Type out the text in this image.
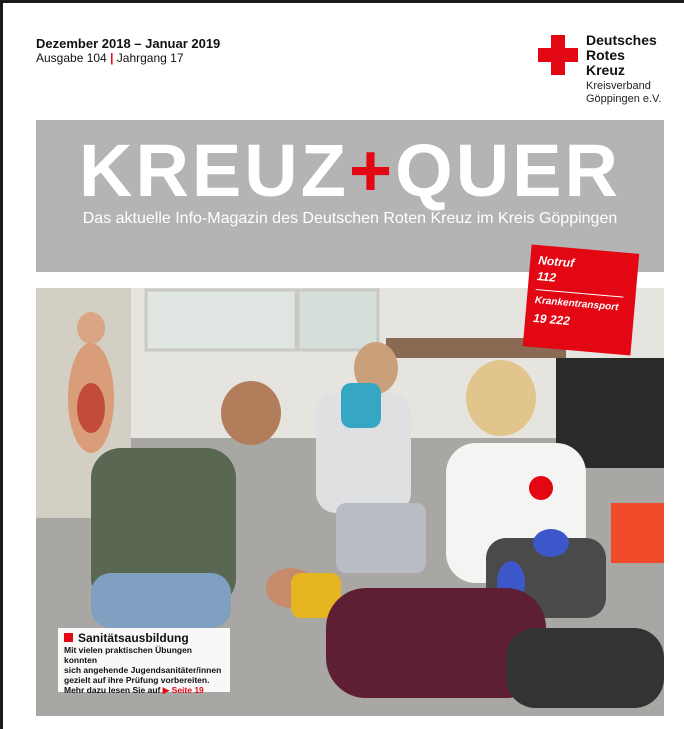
Dezember 2018 – Januar 2019
Ausgabe 104 | Jahrgang 17
Deutsches
Rotes
Kreuz
Kreisverband
Göppingen e.V.
KREUZ+QUER
Das aktuelle Info-Magazin des Deutschen Roten Kreuz im Kreis Göppingen
Notruf
112
Krankentransport
19 222
Sanitätsausbildung
Mit vielen praktischen Übungen konnten
sich angehende Jugendsanitäter/innen
gezielt auf ihre Prüfung vorbereiten.
Mehr dazu lesen Sie auf ▶ Seite 19
